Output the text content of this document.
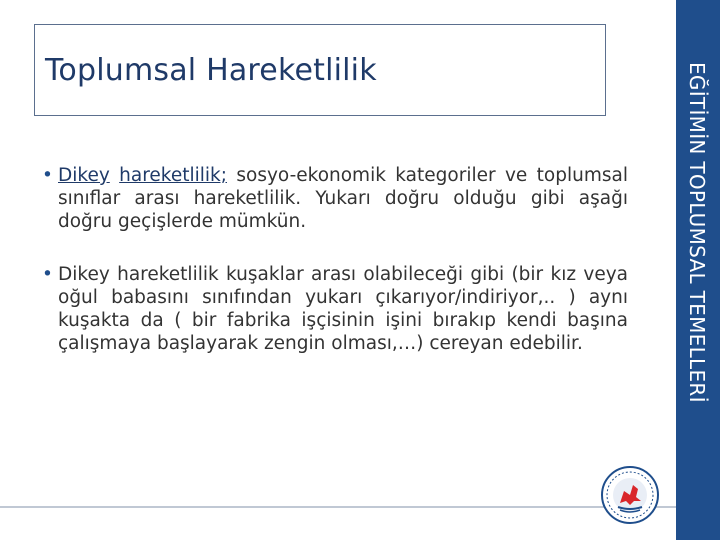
Toplumsal Hareketlilik	EĞİTİMİN TOPLUMSAL TEMELLERİ
• Dikey hareketlilik; sosyo-ekonomik kategoriler ve toplumsal sınıflar arası hareketlilik. Yukarı doğru olduğu gibi aşağı doğru geçişlerde mümkün.
• Dikey hareketlilik kuşaklar arası olabileceği gibi (bir kız veya oğul babasını sınıfından yukarı çıkarıyor/indiriyor,.. ) aynı kuşakta da ( bir fabrika işçisinin işini bırakıp kendi başına çalışmaya başlayarak zengin olması,…) cereyan edebilir.
